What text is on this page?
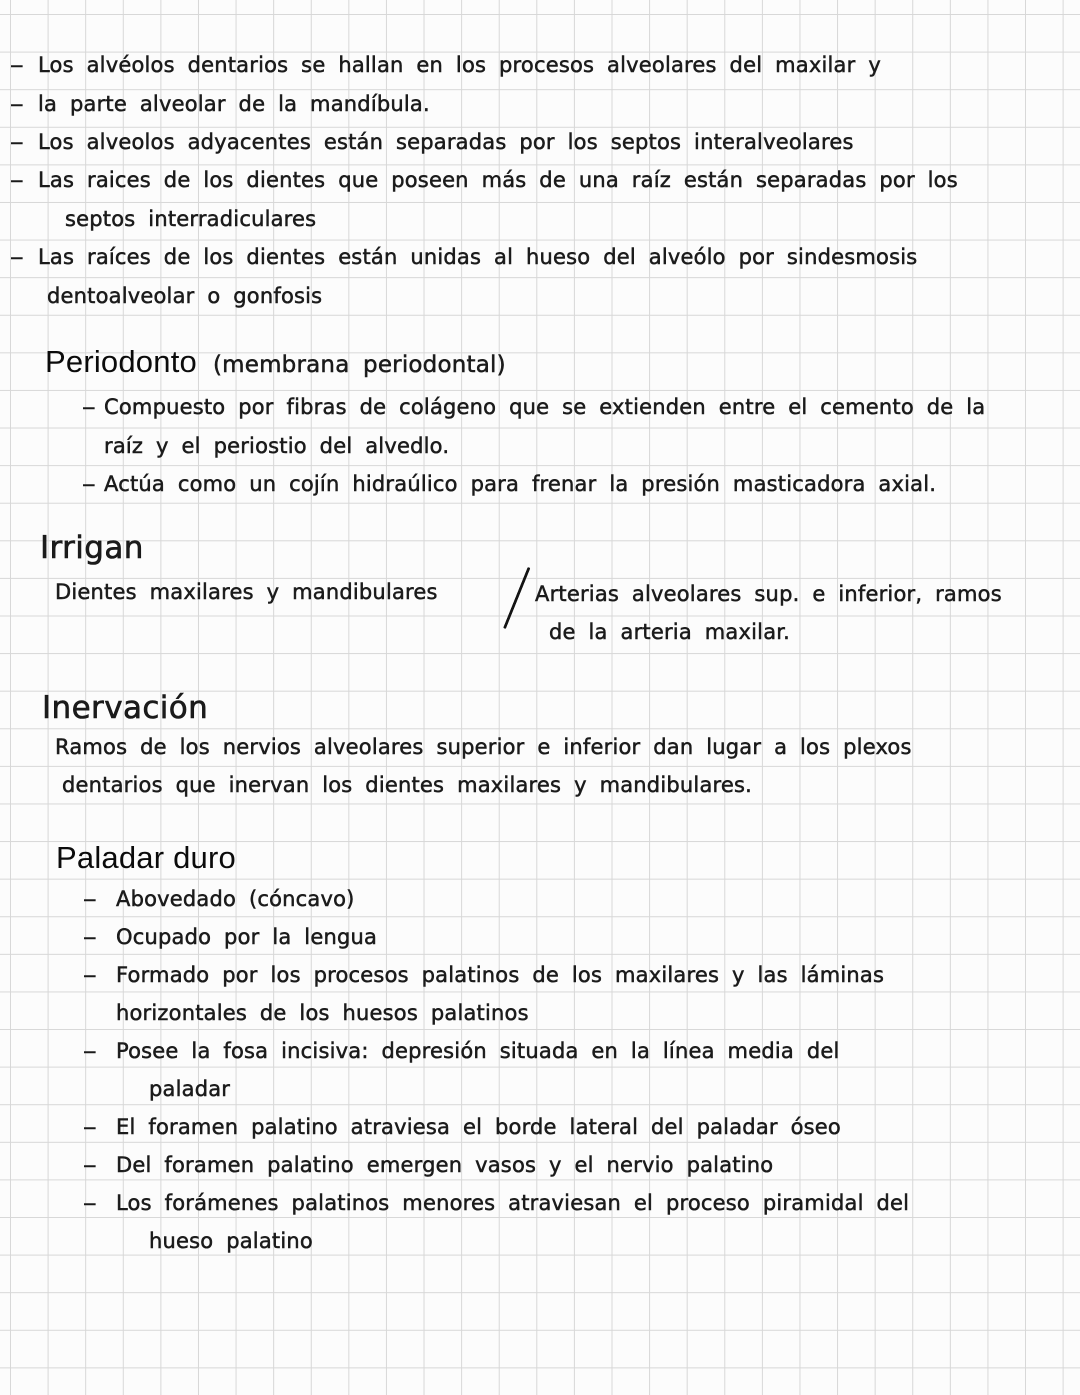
– Los alvéolos dentarios se hallan en los procesos alveolares del maxilar y
– la parte alveolar de la mandíbula.
– Los alveolos adyacentes están separadas por los septos interalveolares
– Las raices de los dientes que poseen más de una raíz están separadas por los
septos interradiculares
– Las raíces de los dientes están unidas al hueso del alveólo por sindesmosis
dentoalveolar o gonfosis
Periodonto (membrana periodontal)
– Compuesto por fibras de colágeno que se extienden entre el cemento de la
raíz y el periostio del alvedlo.
– Actúa como un cojín hidraúlico para frenar la presión masticadora axial.
Irrigan
Dientes maxilares y mandibulares	Arterias alveolares sup. e inferior, ramos
de la arteria maxilar.
Inervación
Ramos de los nervios alveolares superior e inferior dan lugar a los plexos
dentarios que inervan los dientes maxilares y mandibulares.
Paladar duro
– Abovedado (cóncavo)
– Ocupado por la lengua
– Formado por los procesos palatinos de los maxilares y las láminas
horizontales de los huesos palatinos
– Posee la fosa incisiva: depresión situada en la línea media del
paladar
– El foramen palatino atraviesa el borde lateral del paladar óseo
– Del foramen palatino emergen vasos y el nervio palatino
– Los forámenes palatinos menores atraviesan el proceso piramidal del
hueso palatino
